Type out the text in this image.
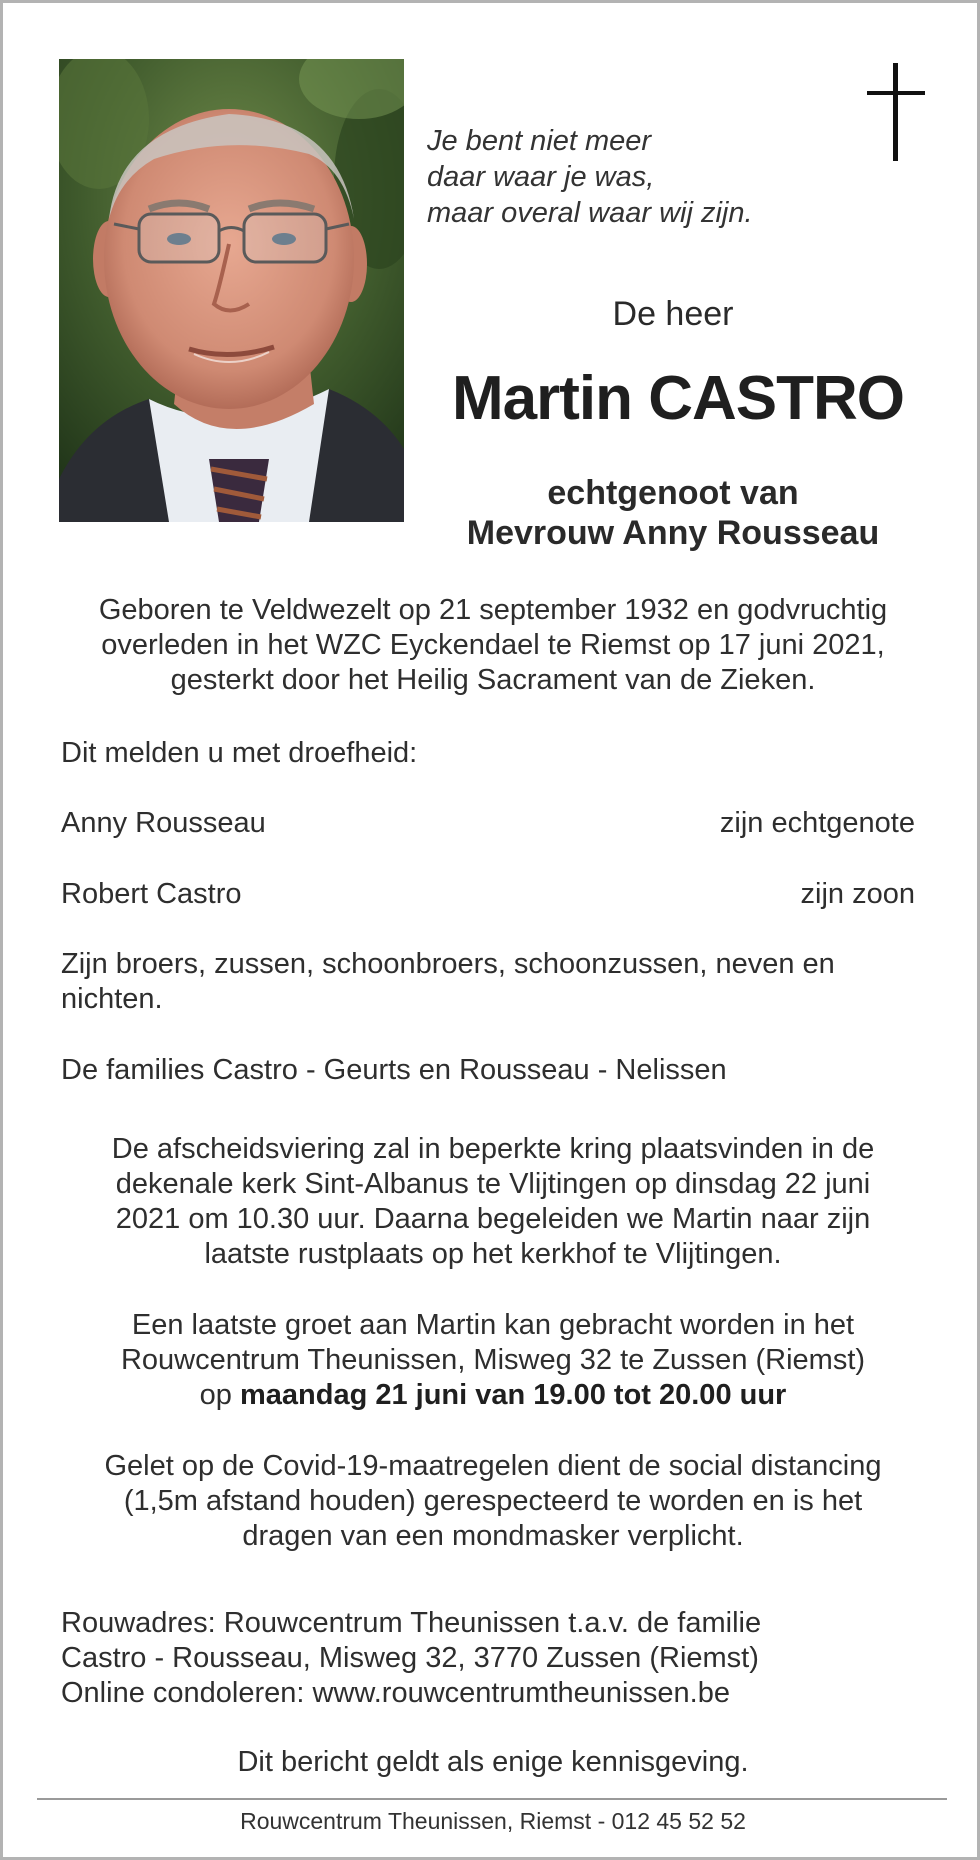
Je bent niet meer
daar waar je was,
maar overal waar wij zijn.
De heer
Martin CASTRO
echtgenoot van
Mevrouw Anny Rousseau
Geboren te Veldwezelt op 21 september 1932 en godvruchtig
overleden in het WZC Eyckendael te Riemst op 17 juni 2021,
gesterkt door het Heilig Sacrament van de Zieken.
Dit melden u met droefheid:
Anny Rousseau	zijn echtgenote
Robert Castro	zijn zoon
Zijn broers, zussen, schoonbroers, schoonzussen, neven en
nichten.
De families Castro - Geurts en Rousseau - Nelissen
De afscheidsviering zal in beperkte kring plaatsvinden in de
dekenale kerk Sint-Albanus te Vlijtingen op dinsdag 22 juni
2021 om 10.30 uur. Daarna begeleiden we Martin naar zijn
laatste rustplaats op het kerkhof te Vlijtingen.
Een laatste groet aan Martin kan gebracht worden in het
Rouwcentrum Theunissen, Misweg 32 te Zussen (Riemst)
op maandag 21 juni van 19.00 tot 20.00 uur
Gelet op de Covid-19-maatregelen dient de social distancing
(1,5m afstand houden) gerespecteerd te worden en is het
dragen van een mondmasker verplicht.
Rouwadres: Rouwcentrum Theunissen t.a.v. de familie
Castro - Rousseau, Misweg 32, 3770 Zussen (Riemst)
Online condoleren: www.rouwcentrumtheunissen.be
Dit bericht geldt als enige kennisgeving.
Rouwcentrum Theunissen, Riemst - 012 45 52 52
